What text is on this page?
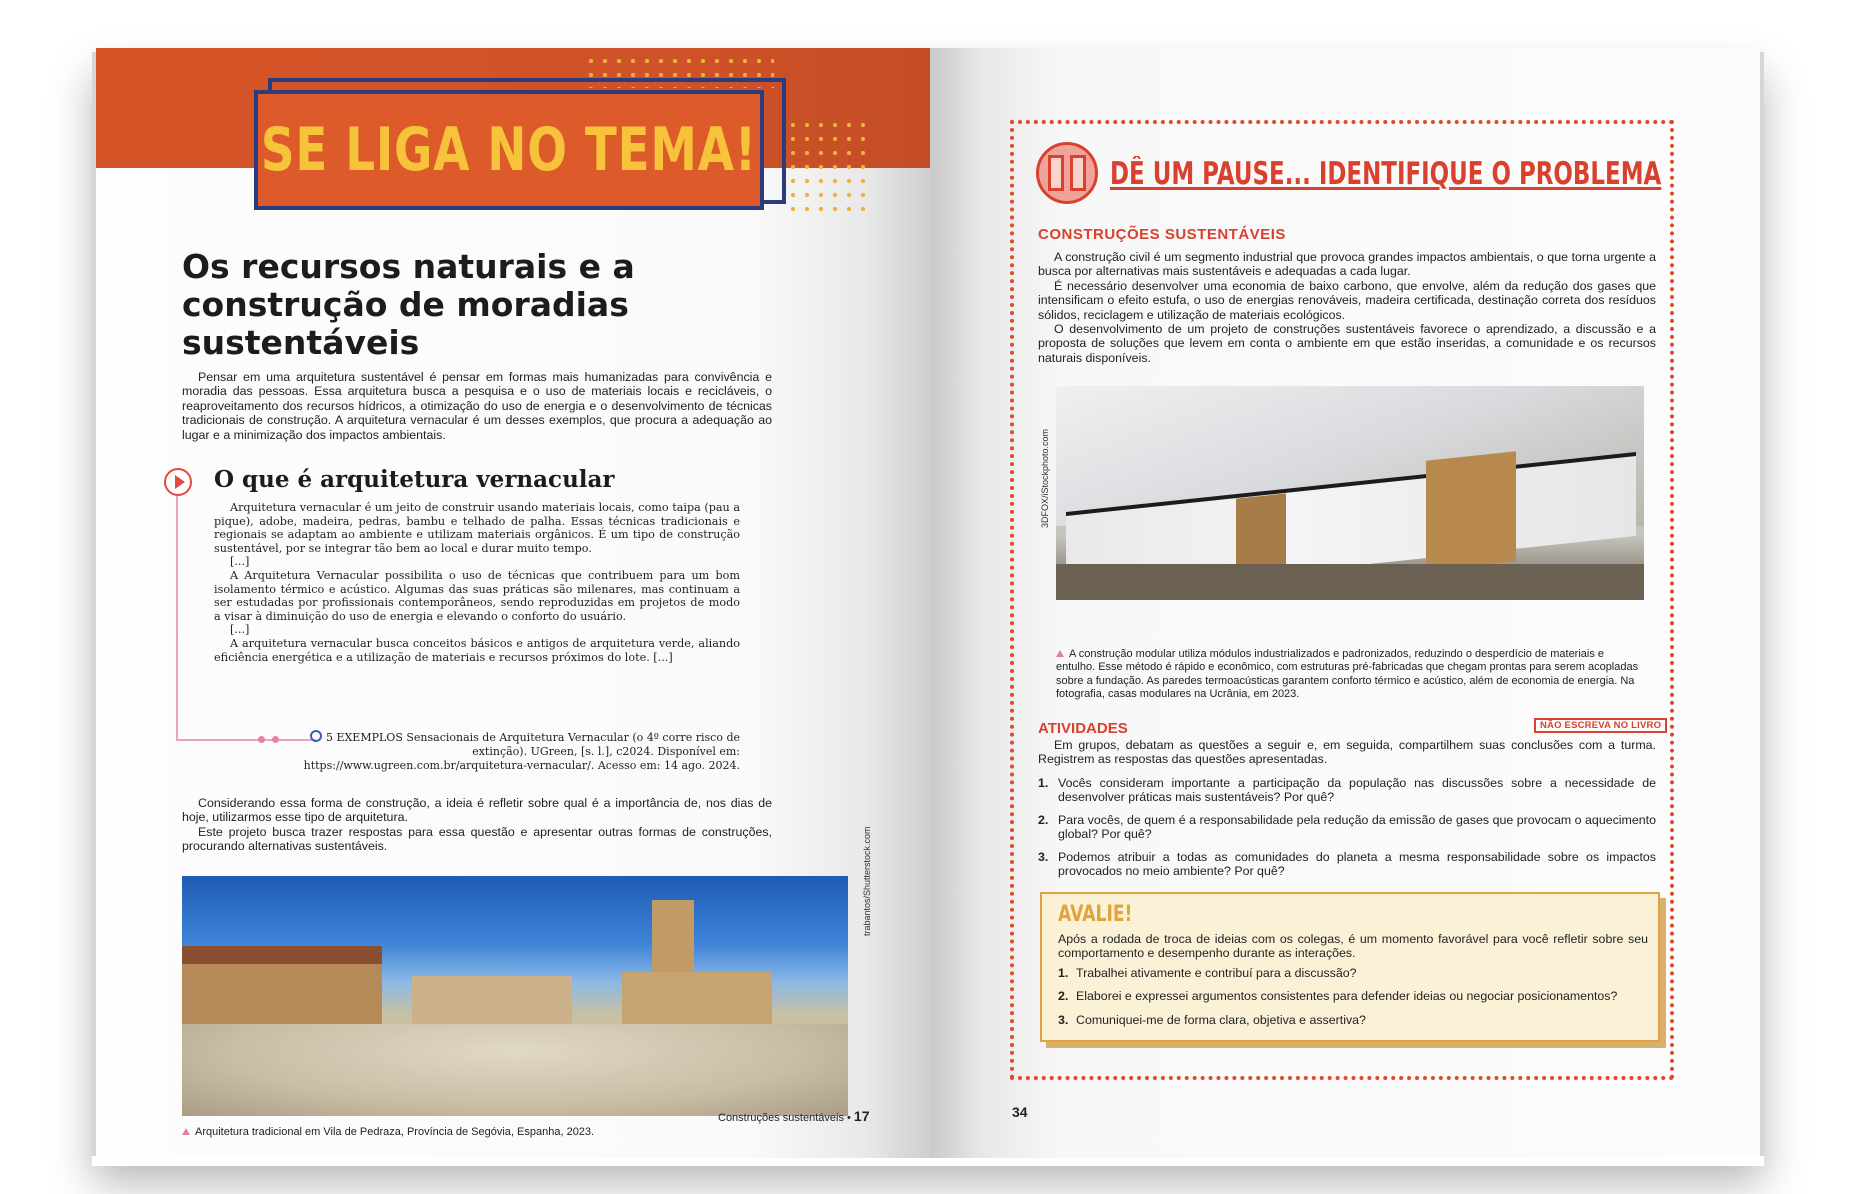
SE LIGA NO TEMA!
Os recursos naturais e a construção de moradias sustentáveis

Pensar em uma arquitetura sustentável é pensar em formas mais humanizadas para convivência e moradia das pessoas. Essa arquitetura busca a pesquisa e o uso de materiais locais e recicláveis, o reaproveitamento dos recursos hídricos, a otimização do uso de energia e o desenvolvimento de técnicas tradicionais de construção. A arquitetura vernacular é um desses exemplos, que procura a adequação ao lugar e a minimização dos impactos ambientais.

O que é arquitetura vernacular

Arquitetura vernacular é um jeito de construir usando materiais locais, como taipa (pau a pique), adobe, madeira, pedras, bambu e telhado de palha. Essas técnicas tradicionais e regionais se adaptam ao ambiente e utilizam materiais orgânicos. É um tipo de construção sustentável, por se integrar tão bem ao local e durar muito tempo.

[...]

A Arquitetura Vernacular possibilita o uso de técnicas que contribuem para um bom isolamento térmico e acústico. Algumas das suas práticas são milenares, mas continuam a ser estudadas por profissionais contemporâneos, sendo reproduzidas em projetos de modo a visar à diminuição do uso de energia e elevando o conforto do usuário.

[...]

A arquitetura vernacular busca conceitos básicos e antigos de arquitetura verde, aliando eficiência energética e a utilização de materiais e recursos próximos do lote. [...]

5 EXEMPLOS Sensacionais de Arquitetura Vernacular (o 4º corre risco de extinção). UGreen, [s. l.], c2024. Disponível em: https://www.ugreen.com.br/arquitetura-vernacular/. Acesso em: 14 ago. 2024.

Considerando essa forma de construção, a ideia é refletir sobre qual é a importância de, nos dias de hoje, utilizarmos esse tipo de arquitetura.

Este projeto busca trazer respostas para essa questão e apresentar outras formas de construções, procurando alternativas sustentáveis.	trabantos/Shutterstock.com
Arquitetura tradicional em Vila de Pedraza, Província de Segóvia, Espanha, 2023.
Construções sustentáveis • 17
DÊ UM PAUSE... IDENTIFIQUE O PROBLEMA
CONSTRUÇÕES SUSTENTÁVEIS

A construção civil é um segmento industrial que provoca grandes impactos ambientais, o que torna urgente a busca por alternativas mais sustentáveis e adequadas a cada lugar.

É necessário desenvolver uma economia de baixo carbono, que envolve, além da redução dos gases que intensificam o efeito estufa, o uso de energias renováveis, madeira certificada, destinação correta dos resíduos sólidos, reciclagem e utilização de materiais ecológicos.

O desenvolvimento de um projeto de construções sustentáveis favorece o aprendizado, a discussão e a proposta de soluções que levem em conta o ambiente em que estão inseridas, a comunidade e os recursos naturais disponíveis.

3DFOX/iStockphoto.com
A construção modular utiliza módulos industrializados e padronizados, reduzindo o desperdício de materiais e entulho. Esse método é rápido e econômico, com estruturas pré-fabricadas que chegam prontas para serem acopladas sobre a fundação. As paredes termoacústicas garantem conforto térmico e acústico, além de economia de energia. Na fotografia, casas modulares na Ucrânia, em 2023.
ATIVIDADES	NÃO ESCREVA NO LIVRO

Em grupos, debatam as questões a seguir e, em seguida, compartilhem suas conclusões com a turma. Registrem as respostas das questões apresentadas.

1. Vocês consideram importante a participação da população nas discussões sobre a necessidade de desenvolver práticas mais sustentáveis? Por quê?
2. Para vocês, de quem é a responsabilidade pela redução da emissão de gases que provocam o aquecimento global? Por quê?
3. Podemos atribuir a todas as comunidades do planeta a mesma responsabilidade sobre os impactos provocados no meio ambiente? Por quê?
AVALIE!

Após a rodada de troca de ideias com os colegas, é um momento favorável para você refletir sobre seu comportamento e desempenho durante as interações.

1. Trabalhei ativamente e contribuí para a discussão?
2. Elaborei e expressei argumentos consistentes para defender ideias ou negociar posicionamentos?
3. Comuniquei-me de forma clara, objetiva e assertiva?
34
